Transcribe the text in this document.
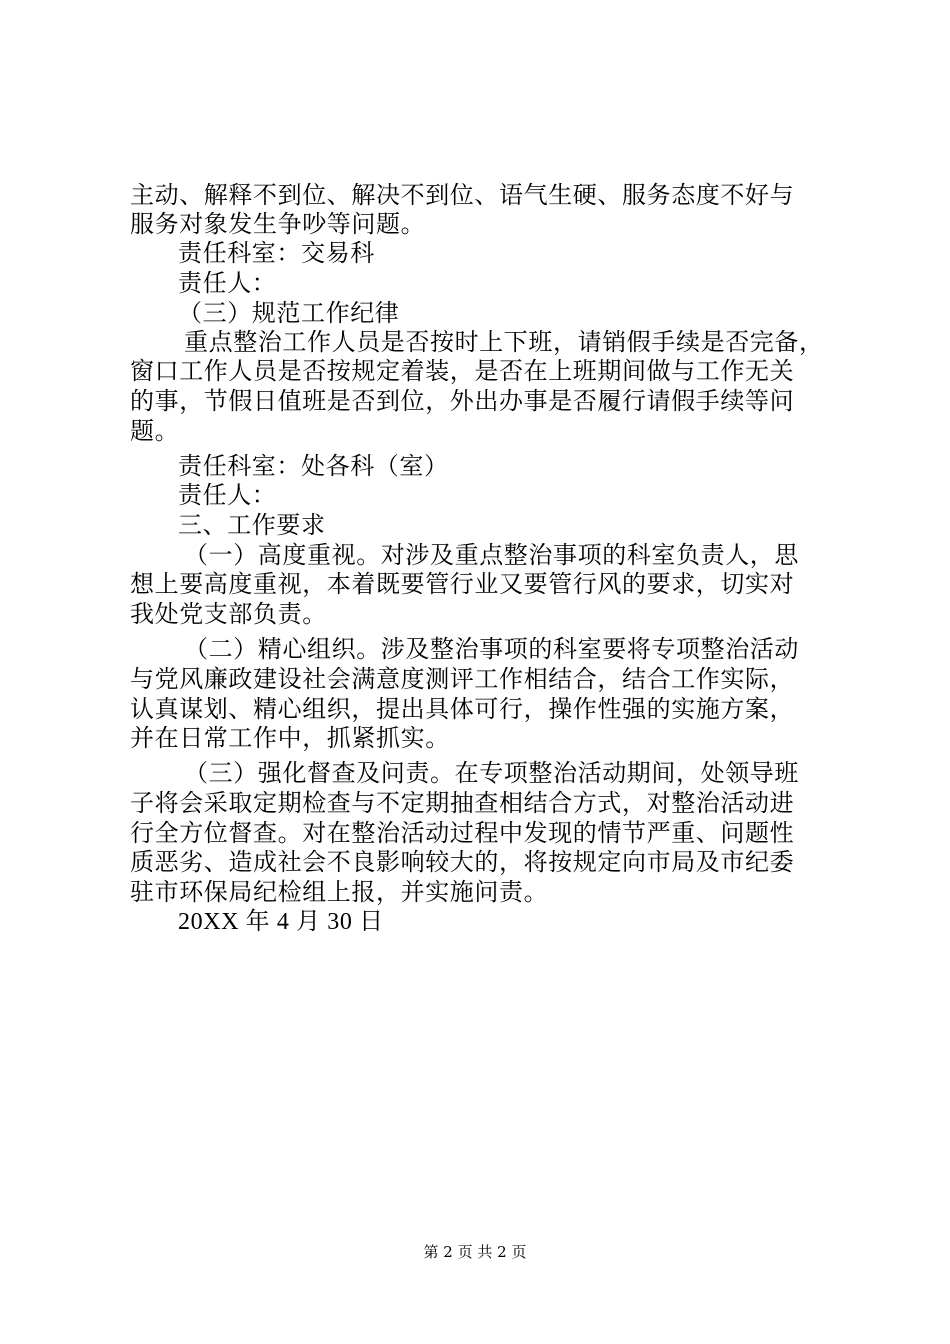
主动、解释不到位、解决不到位、语气生硬、服务态度不好与
服务对象发生争吵等问题。
责任科室：交易科
责任人：
（三）规范工作纪律
重点整治工作人员是否按时上下班，请销假手续是否完备，
窗口工作人员是否按规定着装，是否在上班期间做与工作无关
的事，节假日值班是否到位，外出办事是否履行请假手续等问
题。
责任科室：处各科（室）
责任人：
三、工作要求
（一）高度重视。对涉及重点整治事项的科室负责人，思
想上要高度重视，本着既要管行业又要管行风的要求，切实对
我处党支部负责。
（二）精心组织。涉及整治事项的科室要将专项整治活动
与党风廉政建设社会满意度测评工作相结合，结合工作实际，
认真谋划、精心组织，提出具体可行，操作性强的实施方案，
并在日常工作中，抓紧抓实。
（三）强化督查及问责。在专项整治活动期间，处领导班
子将会采取定期检查与不定期抽查相结合方式，对整治活动进
行全方位督查。对在整治活动过程中发现的情节严重、问题性
质恶劣、造成社会不良影响较大的，将按规定向市局及市纪委
驻市环保局纪检组上报，并实施问责。
20XX 年 4 月 30 日
第 2 页 共 2 页
